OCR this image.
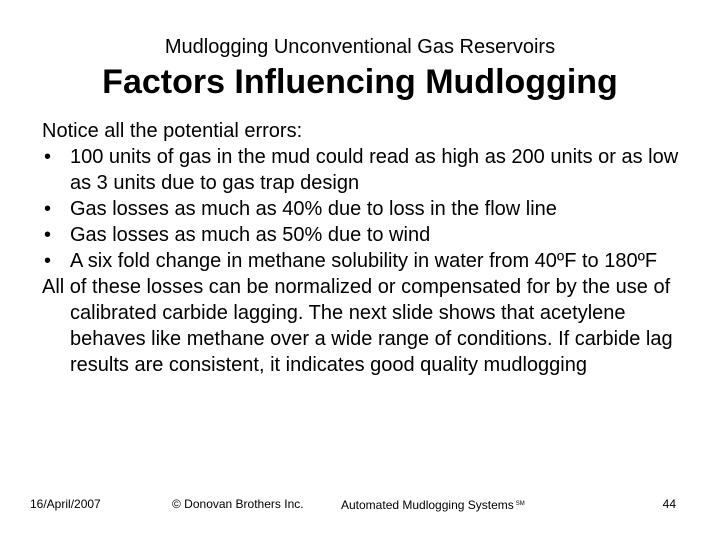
Mudlogging Unconventional Gas Reservoirs
Factors Influencing Mudlogging

Notice all the potential errors:

• 100 units of gas in the mud could read as high as 200 units or as low as 3 units due to gas trap design
• Gas losses as much as 40% due to loss in the flow line
• Gas losses as much as 50% due to wind
• A six fold change in methane solubility in water from 40ºF to 180ºF

All of these losses can be normalized or compensated for by the use of calibrated carbide lagging. The next slide shows that acetylene behaves like methane over a wide range of conditions. If carbide lag results are consistent, it indicates good quality mudlogging

16/April/2007	© Donovan Brothers Inc.	Automated Mudlogging Systems ℠	44
